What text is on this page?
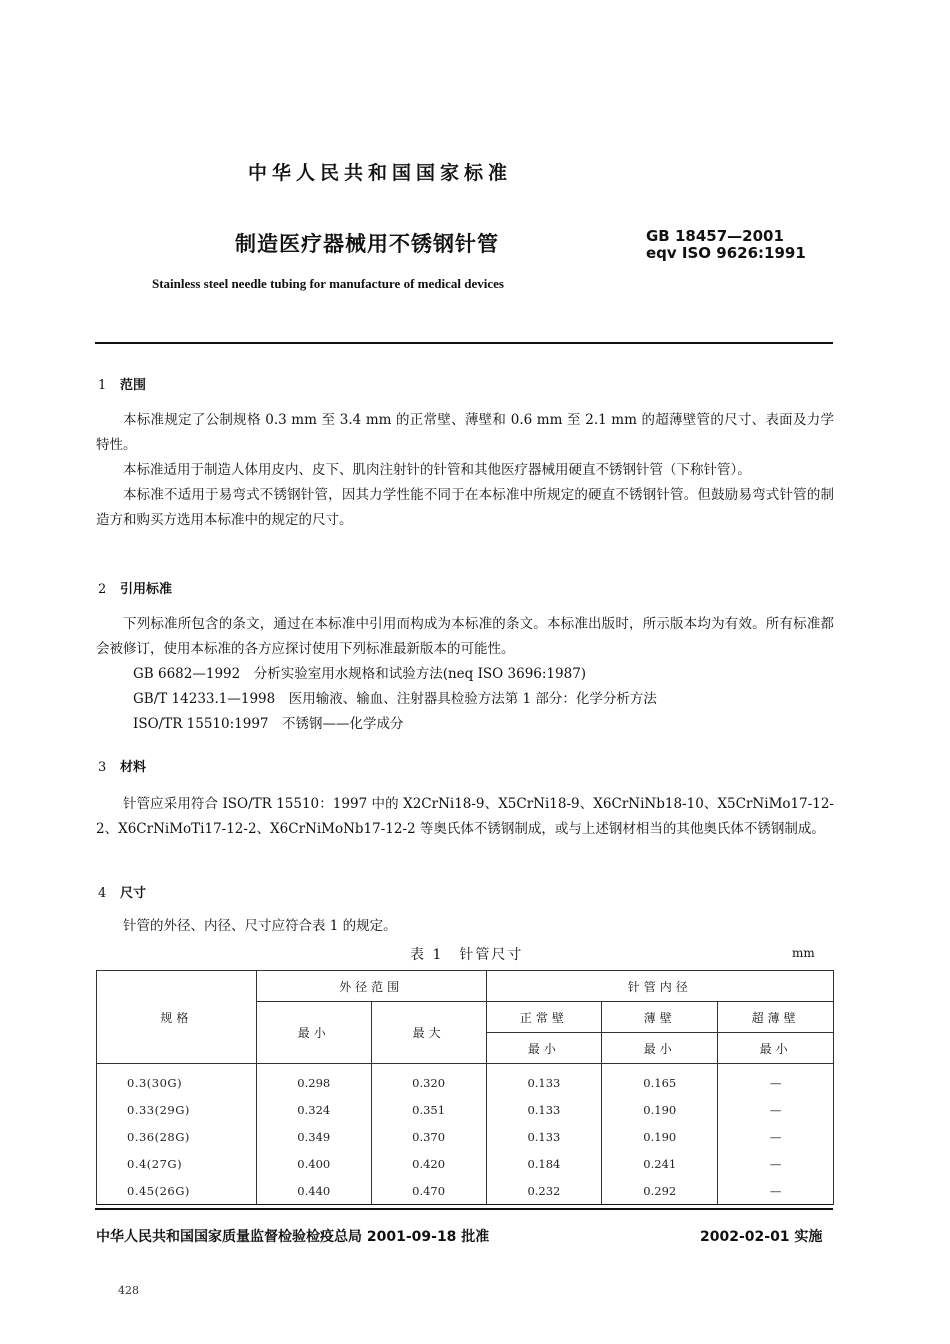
中华人民共和国国家标准
制造医疗器械用不锈钢针管	GB 18457—2001
eqv ISO 9626:1991
Stainless steel needle tubing for manufacture of medical devices
1 范围

本标准规定了公制规格 0.3 mm 至 3.4 mm 的正常壁、薄壁和 0.6 mm 至 2.1 mm 的超薄壁管的尺寸、表面及力学特性。

本标准适用于制造人体用皮内、皮下、肌肉注射针的针管和其他医疗器械用硬直不锈钢针管（下称针管）。

本标准不适用于易弯式不锈钢针管，因其力学性能不同于在本标准中所规定的硬直不锈钢针管。但鼓励易弯式针管的制造方和购买方选用本标准中的规定的尺寸。

2 引用标准

下列标准所包含的条文，通过在本标准中引用而构成为本标准的条文。本标准出版时，所示版本均为有效。所有标准都会被修订，使用本标准的各方应探讨使用下列标准最新版本的可能性。

GB 6682—1992　分析实验室用水规格和试验方法(neq ISO 3696:1987)

GB/T 14233.1—1998　医用输液、输血、注射器具检验方法第 1 部分：化学分析方法

ISO/TR 15510:1997　不锈钢——化学成分

3 材料

针管应采用符合 ISO/TR 15510：1997 中的 X2CrNi18-9、X5CrNi18-9、X6CrNiNb18-10、X5CrNiMo17-12-2、X6CrNiMoTi17-12-2、X6CrNiMoNb17-12-2 等奥氏体不锈钢制成，或与上述钢材相当的其他奥氏体不锈钢制成。

4 尺寸

针管的外径、内径、尺寸应符合表 1 的规定。

表 1　针管尺寸	mm
规格	外径范围		针管内径		
	最小	最大	正常壁	薄壁	超薄壁
			最小	最小	最小
0.3(30G)	0.298	0.320	0.133	0.165	—
0.33(29G)	0.324	0.351	0.133	0.190	—
0.36(28G)	0.349	0.370	0.133	0.190	—
0.4(27G)	0.400	0.420	0.184	0.241	—
0.45(26G)	0.440	0.470	0.232	0.292	—
中华人民共和国国家质量监督检验检疫总局 2001-09-18 批准	2002-02-01 实施
428
